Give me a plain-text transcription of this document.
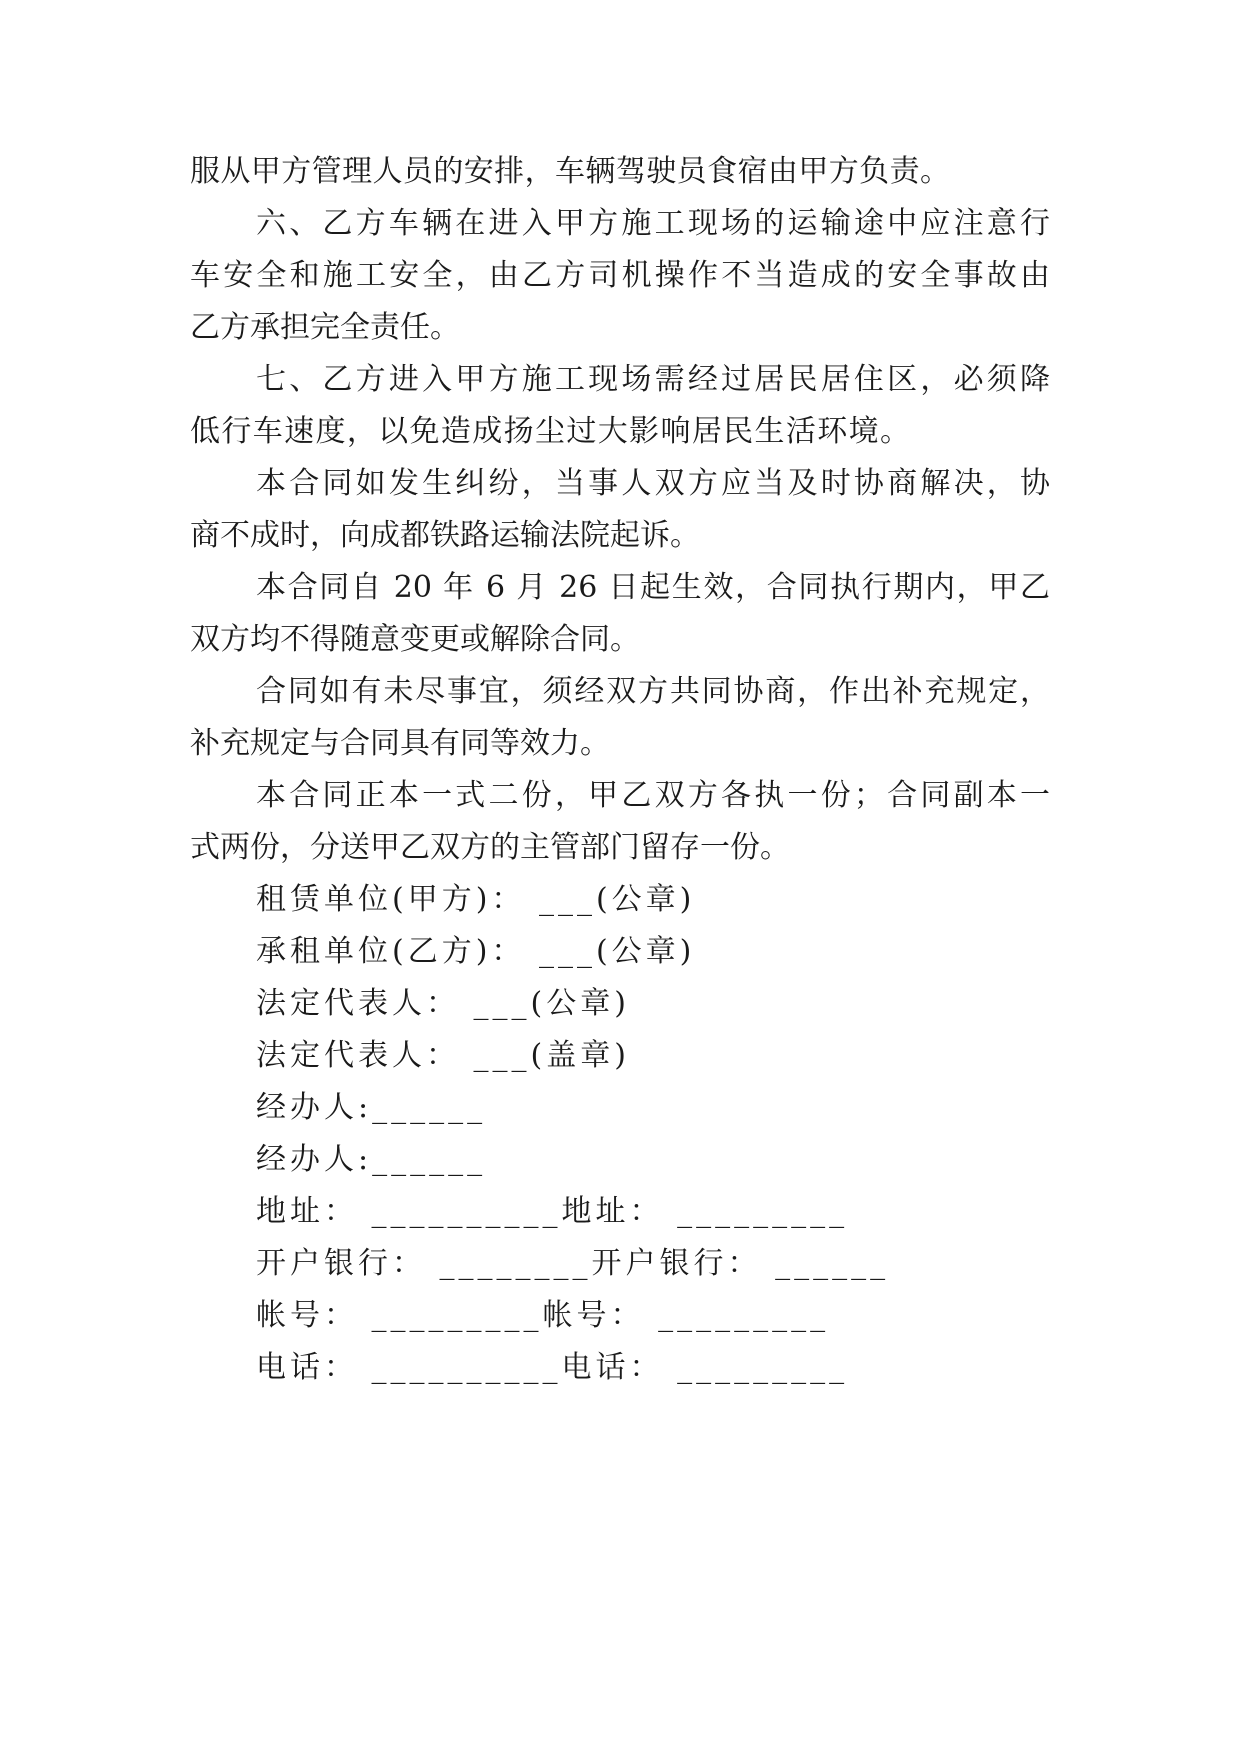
服从甲方管理人员的安排，车辆驾驶员食宿由甲方负责。
六、乙方车辆在进入甲方施工现场的运输途中应注意行
车安全和施工安全，由乙方司机操作不当造成的安全事故由
乙方承担完全责任。
七、乙方进入甲方施工现场需经过居民居住区，必须降
低行车速度，以免造成扬尘过大影响居民生活环境。
本合同如发生纠纷，当事人双方应当及时协商解决，协
商不成时，向成都铁路运输法院起诉。
本合同自 20 年 6 月 26 日起生效，合同执行期内，甲乙
双方均不得随意变更或解除合同。
合同如有未尽事宜，须经双方共同协商，作出补充规定，
补充规定与合同具有同等效力。
本合同正本一式二份，甲乙双方各执一份；合同副本一
式两份，分送甲乙双方的主管部门留存一份。
租赁单位(甲方)： ___(公章)
承租单位(乙方)： ___(公章)
法定代表人： ___(公章)
法定代表人： ___(盖章)
经办人:______
经办人:______
地址： __________地址： _________
开户银行： ________开户银行： ______
帐号： _________帐号： _________
电话： __________电话： _________
